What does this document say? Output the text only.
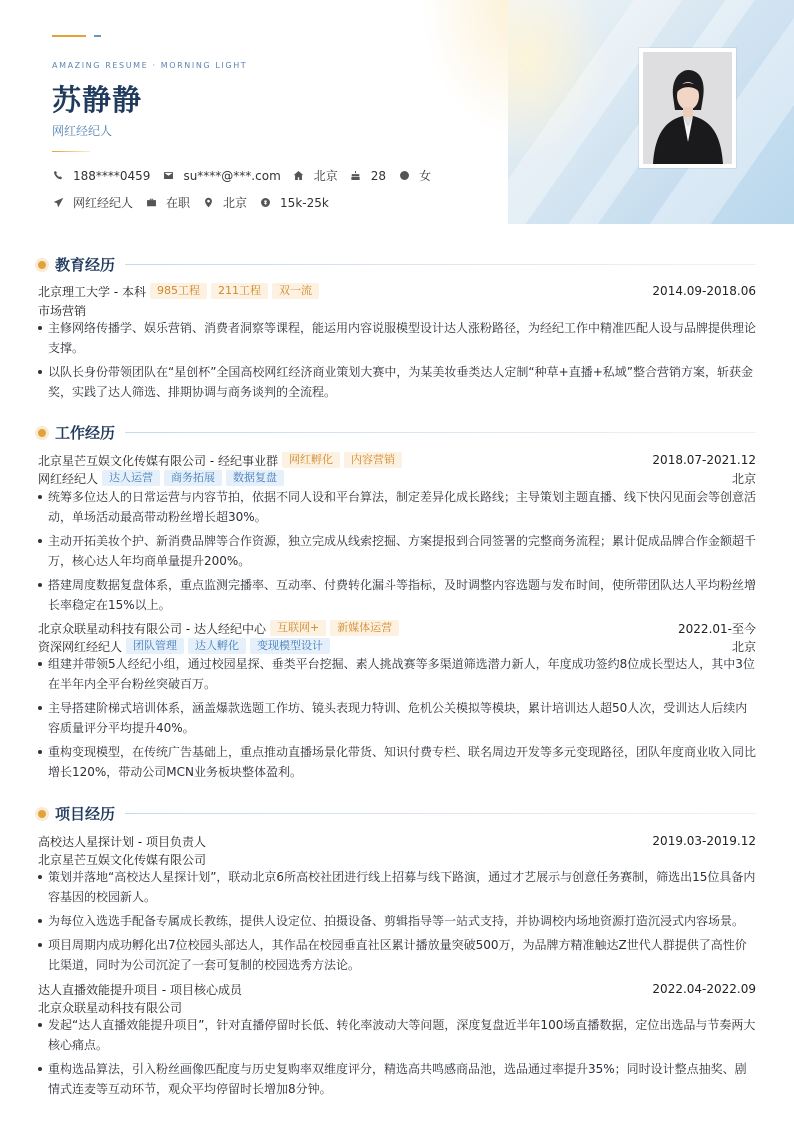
AMAZING RESUME · MORNING LIGHT
苏静静
网红经纪人
188****0459	su****@***.com	北京	28	女
网红经纪人	在职	北京	15k-25k
教育经历
北京理工大学 - 本科	985工程	211工程	双一流	2014.09-2018.06
市场营销
主修网络传播学、娱乐营销、消费者洞察等课程，能运用内容说服模型设计达人涨粉路径，为经纪工作中精准匹配人设与品牌提供理论支撑。
以队长身份带领团队在“星创杯”全国高校网红经济商业策划大赛中，为某美妆垂类达人定制“种草+直播+私域”整合营销方案，斩获金奖，实践了达人筛选、排期协调与商务谈判的全流程。
工作经历
北京星芒互娱文化传媒有限公司 - 经纪事业群	网红孵化	内容营销	2018.07-2021.12
网红经纪人	达人运营	商务拓展	数据复盘	北京
统筹多位达人的日常运营与内容节拍，依据不同人设和平台算法，制定差异化成长路线；主导策划主题直播、线下快闪见面会等创意活动，单场活动最高带动粉丝增长超30%。
主动开拓美妆个护、新消费品牌等合作资源，独立完成从线索挖掘、方案提报到合同签署的完整商务流程；累计促成品牌合作金额超千万，核心达人年均商单量提升200%。
搭建周度数据复盘体系，重点监测完播率、互动率、付费转化漏斗等指标，及时调整内容选题与发布时间，使所带团队达人平均粉丝增长率稳定在15%以上。
北京众联星动科技有限公司 - 达人经纪中心	互联网+	新媒体运营	2022.01-至今
资深网红经纪人	团队管理	达人孵化	变现模型设计	北京
组建并带领5人经纪小组，通过校园星探、垂类平台挖掘、素人挑战赛等多渠道筛选潜力新人，年度成功签约8位成长型达人，其中3位在半年内全平台粉丝突破百万。
主导搭建阶梯式培训体系，涵盖爆款选题工作坊、镜头表现力特训、危机公关模拟等模块，累计培训达人超50人次，受训达人后续内容质量评分平均提升40%。
重构变现模型，在传统广告基础上，重点推动直播场景化带货、知识付费专栏、联名周边开发等多元变现路径，团队年度商业收入同比增长120%，带动公司MCN业务板块整体盈利。
项目经历
高校达人星探计划 - 项目负责人	2019.03-2019.12
北京星芒互娱文化传媒有限公司
策划并落地“高校达人星探计划”，联动北京6所高校社团进行线上招募与线下路演，通过才艺展示与创意任务赛制，筛选出15位具备内容基因的校园新人。
为每位入选选手配备专属成长教练，提供人设定位、拍摄设备、剪辑指导等一站式支持，并协调校内场地资源打造沉浸式内容场景。
项目周期内成功孵化出7位校园头部达人，其作品在校园垂直社区累计播放量突破500万，为品牌方精准触达Z世代人群提供了高性价比渠道，同时为公司沉淀了一套可复制的校园选秀方法论。
达人直播效能提升项目 - 项目核心成员	2022.04-2022.09
北京众联星动科技有限公司
发起“达人直播效能提升项目”，针对直播停留时长低、转化率波动大等问题，深度复盘近半年100场直播数据，定位出选品与节奏两大核心痛点。
重构选品算法，引入粉丝画像匹配度与历史复购率双维度评分，精选高共鸣感商品池，选品通过率提升35%；同时设计整点抽奖、剧情式连麦等互动环节，观众平均停留时长增加8分钟。
